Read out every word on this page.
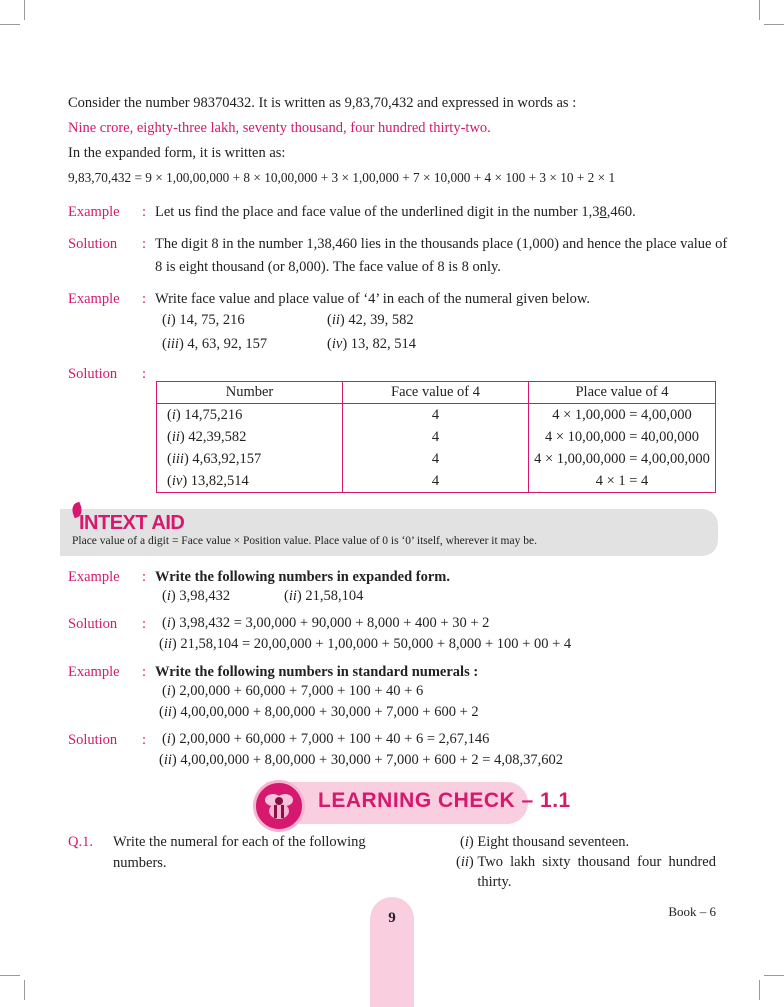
Consider the number 98370432. It is written as 9,83,70,432 and expressed in words as :
Nine crore, eighty-three lakh, seventy thousand, four hundred thirty-two.
In the expanded form, it is written as:
9,83,70,432 = 9 × 1,00,00,000 + 8 × 10,00,000 + 3 × 1,00,000 + 7 × 10,000 + 4 × 100 + 3 × 10 + 2 × 1
Example : Let us find the place and face value of the underlined digit in the number 1,38,460.
Solution : The digit 8 in the number 1,38,460 lies in the thousands place (1,000) and hence the place value of 8 is eight thousand (or 8,000). The face value of 8 is 8 only.
Example : Write face value and place value of ‘4’ in each of the numeral given below.
(i) 14, 75, 216	(ii) 42, 39, 582
(iii) 4, 63, 92, 157	(iv) 13, 82, 514
Solution :
Number	Face value of 4	Place value of 4
(i) 14,75,216	4	4 × 1,00,000 = 4,00,000
(ii) 42,39,582	4	4 × 10,00,000 = 40,00,000
(iii) 4,63,92,157	4	4 × 1,00,00,000 = 4,00,00,000
(iv) 13,82,514	4	4 × 1 = 4
INTEXT AID
Place value of a digit = Face value × Position value. Place value of 0 is ‘0’ itself, wherever it may be.
Example : Write the following numbers in expanded form.
(i) 3,98,432	(ii) 21,58,104
Solution : (i) 3,98,432 = 3,00,000 + 90,000 + 8,000 + 400 + 30 + 2
(ii) 21,58,104 = 20,00,000 + 1,00,000 + 50,000 + 8,000 + 100 + 00 + 4
Example : Write the following numbers in standard numerals :
(i) 2,00,000 + 60,000 + 7,000 + 100 + 40 + 6
(ii) 4,00,00,000 + 8,00,000 + 30,000 + 7,000 + 600 + 2
Solution : (i) 2,00,000 + 60,000 + 7,000 + 100 + 40 + 6 = 2,67,146
(ii) 4,00,00,000 + 8,00,000 + 30,000 + 7,000 + 600 + 2 = 4,08,37,602
LEARNING CHECK – 1.1
Q.1. Write the numeral for each of the following numbers.
(i) Eight thousand seventeen.
(ii) Two lakh sixty thousand four hundred thirty.
9	Book – 6
